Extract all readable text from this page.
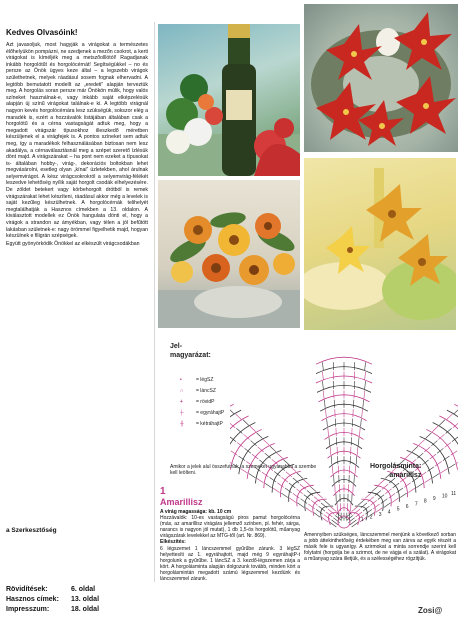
Kedves Olvasóink!

Azt javasoljuk, most hagyják a virágokat a természetes élőhelyükön pompázni, ne szedjenek a mezőn csokrot, a kerti virágokat is kíméljék meg a metszőolllótól! Ragadjanak inkább horgolótűt és horgolócérnát! Segítségükkel – no és persze az Önök ügyes keze által – a legszebb virágok születhetnek, melyek ráadásul sosem fognak elhervadni. A legtöbb bemutatott modellt az „eredeti” alapján terveztük meg. A horgolás soran persze már Önökön múlik, hogy valós színeket használnak-e, vagy inkább saját elképzelésük alapján új színű virágokat találnak-e ki. A legtöbb virágnál nagyon kevés horgolócérnára lesz szükségük, sokszor elég a maradék is, ezért a hozzávalók listájában általában csak a horgolótű és a cérna vastagságát adtuk meg, hogy a megadott virágszár típusokhoz illeszkedő méretben készüljenek el a virágfejek is. A pontos színeket sem adtuk meg, így a maradékok felhasználásában biztosan nem lesz akadálya, a cérnaválasztásnál meg a szépet szerető ízlésük dönt majd. A virágszárakat – ha pont nem ezeket a típusokat is- általában hobby-, virág-, dekorációs boltokban lehet megvásárolni, esetleg olyan „kínai” üzletekben, ahol árulnak selyemvirágot. A kész virágcsokrokról a selyemvirág-félékét leszedve lehetőség nyílik saját horgolt csodák elhelyezésére. De zöldet betekert vagy körbehorgolt drótból is remek virágszárakat lehet készíteni, ráadásul akkor még a levelek is saját kezűleg készülhetnek. A horgolócérnák telihelyét megtalálhatják a Hasznos címekben a 13. oldalon. A kiválasztott modellek ez Önök hangulata dönti el, hogy a virágok a strandon az ámyékban, vagy télen a jól befűtött lakásban születnek-e: nagy örömmel figyelhetik majd, hogyan készülnek e filigrán szépségek.

Együtt gyönyörködik Önökkel az elkészült virágcsodákban

a Szerkesztőség
Rövidítések:	6. oldal
Hasznos címek:	13. oldal
Impresszum:	18. oldal
Jel-
magyarázat:
•	= légSZ
∩	= láncSZ
+	= rövidP
┼	= egyráhajtP
╫	= kétráhajtP
11
10
9
8
7
6
5
4
3
2
1
Amikor a jelek alul összefutnak, a szemeket ugyanabba a szembe kell leölteni.
Horgolásminta:
amarillisz
1
Amarillisz

A virág magassága: kb. 10 cm

Hozzávalók: 10-es vastagságú piros pamut horgolócérna (más, az amarillisz virágára jellemző színben, pl. fehér, sárga, narancs is nagyon jól mutat), 1 db 1,5-ös horgolótű, műanyag virágszárak levelekkel az MTG-től (art. Nr. 869).

Elkészítés:

6 légszemet 1 láncszemmel gyűrűbe zárunk. 3 légSZ helyettesíti az 1. egyráhajtott, majd még 9 egyráhajtP-t horgolunk a gyűrűbe. 1 láncSZ a 3. kezdő-légszemen zárja a kört. A horgolásminta alapján dolgozunk tovább, minden kört a horgolásmintán megadott számú légszemmel kezdünk és láncszemmel zárunk.

Amennyiben szükséges, láncszemmel menjünk a következő sorban a jobb áttekinthetőség érdekében meg van zárva az egyik részét a másik fele is ugyanígy. A szirmokat a minta sorrendje szerint kell folytatni (horgolja be a szirmot, de ne vágja el a szálat). A virágokat a műanyag szára illetjük, és a szélességéhez rögzítjük.

Zosi@
